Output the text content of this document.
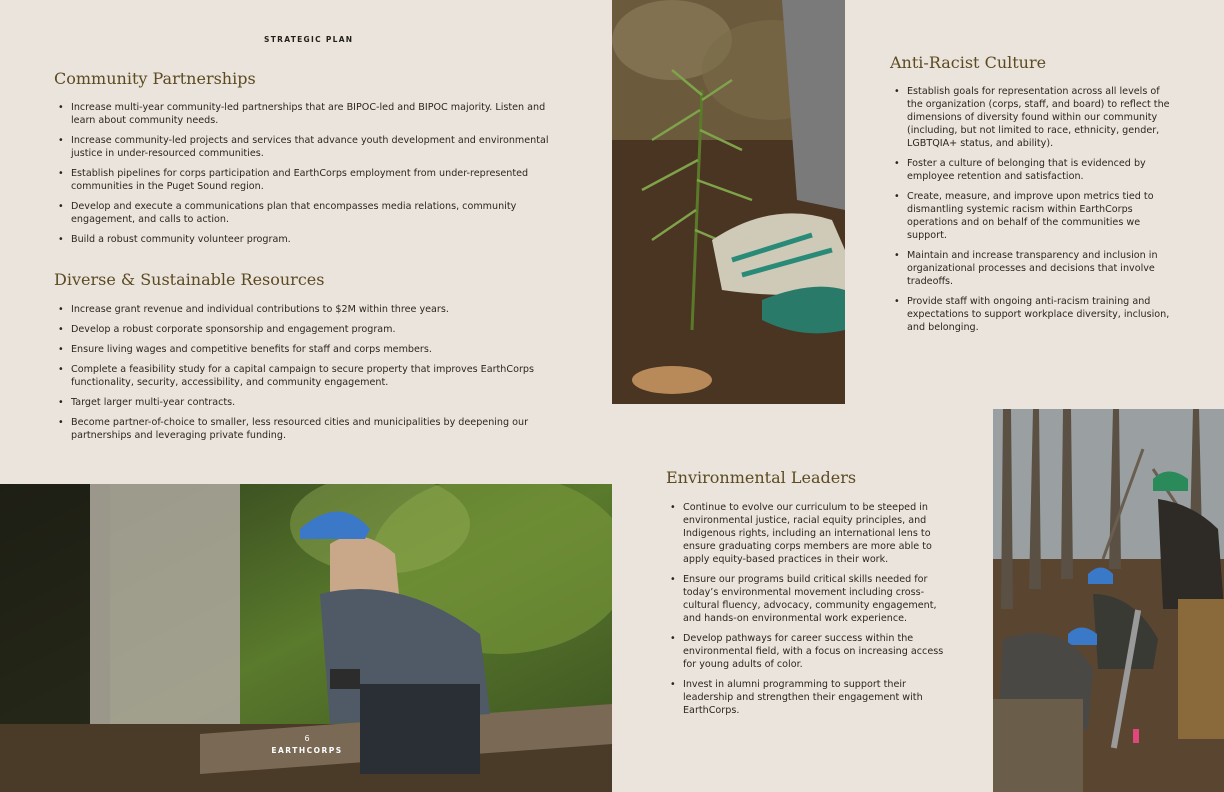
STRATEGIC PLAN
Community Partnerships
• Increase multi-year community-led partnerships that are BIPOC-led and BIPOC majority. Listen and learn about community needs.
• Increase community-led projects and services that advance youth development and environmental justice in under-resourced communities.
• Establish pipelines for corps participation and EarthCorps employment from under-represented communities in the Puget Sound region.
• Develop and execute a communications plan that encompasses media relations, community engagement, and calls to action.
• Build a robust community volunteer program.
Diverse & Sustainable Resources
• Increase grant revenue and individual contributions to $2M within three years.
• Develop a robust corporate sponsorship and engagement program.
• Ensure living wages and competitive benefits for staff and corps members.
• Complete a feasibility study for a capital campaign to secure property that improves EarthCorps functionality, security, accessibility, and community engagement.
• Target larger multi-year contracts.
• Become partner-of-choice to smaller, less resourced cities and municipalities by deepening our partnerships and leveraging private funding.
Anti-Racist Culture
• Establish goals for representation across all levels of the organization (corps, staff, and board) to reflect the dimensions of diversity found within our community (including, but not limited to race, ethnicity, gender, LGBTQIA+ status, and ability).
• Foster a culture of belonging that is evidenced by employee retention and satisfaction.
• Create, measure, and improve upon metrics tied to dismantling systemic racism within EarthCorps operations and on behalf of the communities we support.
• Maintain and increase transparency and inclusion in organizational processes and decisions that involve tradeoffs.
• Provide staff with ongoing anti-racism training and expectations to support workplace diversity, inclusion, and belonging.
Environmental Leaders
• Continue to evolve our curriculum to be steeped in environmental justice, racial equity principles, and Indigenous rights, including an international lens to ensure graduating corps members are more able to apply equity-based practices in their work.
• Ensure our programs build critical skills needed for today’s environmental movement including cross-cultural fluency, advocacy, community engagement, and hands-on environmental work experience.
• Develop pathways for career success within the environmental field, with a focus on increasing access for young adults of color.
• Invest in alumni programming to support their leadership and strengthen their engagement with EarthCorps.
6
EARTHCORPS
